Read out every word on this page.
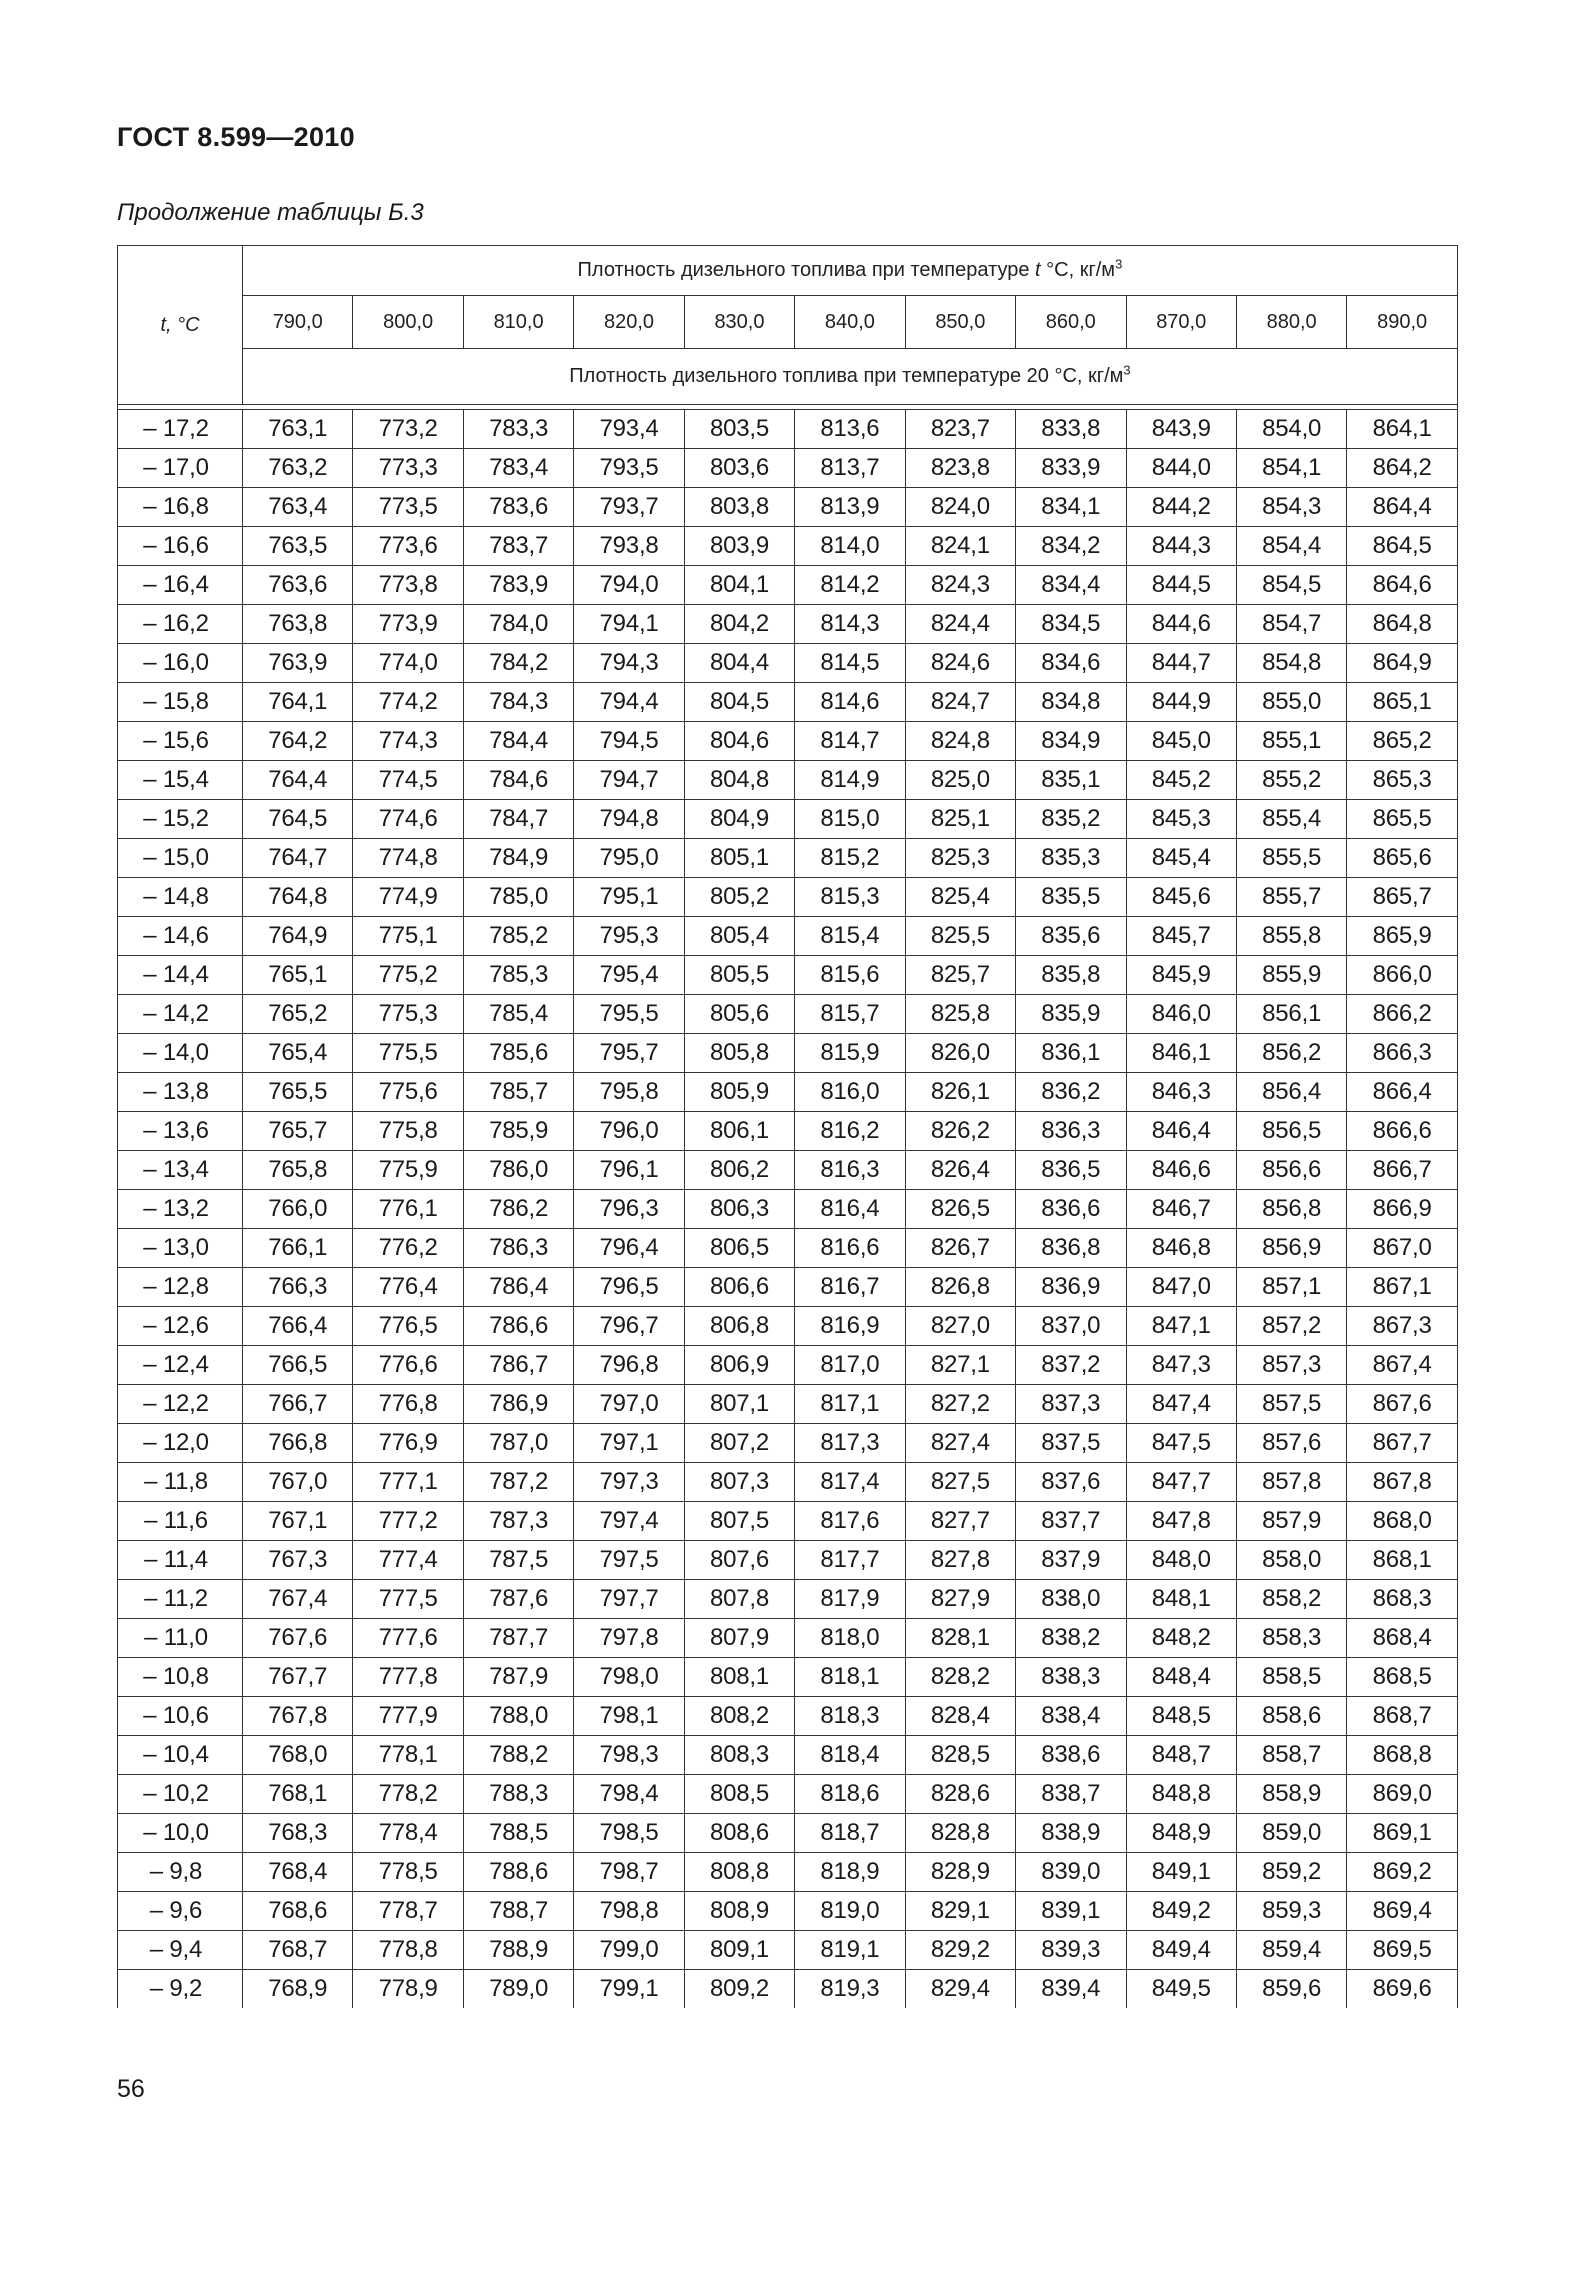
ГОСТ 8.599—2010
Продолжение таблицы Б.3
t, °С	Плотность дизельного топлива при температуре t °С, $кг/м^3$
	790,0	800,0	810,0	820,0	830,0	840,0	850,0	860,0	870,0	880,0	890,0
	Плотность дизельного топлива при температуре 20 °С, $кг/м^3$

– 17,2	763,1	773,2	783,3	793,4	803,5	813,6	823,7	833,8	843,9	854,0	864,1
– 17,0	763,2	773,3	783,4	793,5	803,6	813,7	823,8	833,9	844,0	854,1	864,2
– 16,8	763,4	773,5	783,6	793,7	803,8	813,9	824,0	834,1	844,2	854,3	864,4
– 16,6	763,5	773,6	783,7	793,8	803,9	814,0	824,1	834,2	844,3	854,4	864,5
– 16,4	763,6	773,8	783,9	794,0	804,1	814,2	824,3	834,4	844,5	854,5	864,6
– 16,2	763,8	773,9	784,0	794,1	804,2	814,3	824,4	834,5	844,6	854,7	864,8
– 16,0	763,9	774,0	784,2	794,3	804,4	814,5	824,6	834,6	844,7	854,8	864,9
– 15,8	764,1	774,2	784,3	794,4	804,5	814,6	824,7	834,8	844,9	855,0	865,1
– 15,6	764,2	774,3	784,4	794,5	804,6	814,7	824,8	834,9	845,0	855,1	865,2
– 15,4	764,4	774,5	784,6	794,7	804,8	814,9	825,0	835,1	845,2	855,2	865,3
– 15,2	764,5	774,6	784,7	794,8	804,9	815,0	825,1	835,2	845,3	855,4	865,5
– 15,0	764,7	774,8	784,9	795,0	805,1	815,2	825,3	835,3	845,4	855,5	865,6
– 14,8	764,8	774,9	785,0	795,1	805,2	815,3	825,4	835,5	845,6	855,7	865,7
– 14,6	764,9	775,1	785,2	795,3	805,4	815,4	825,5	835,6	845,7	855,8	865,9
– 14,4	765,1	775,2	785,3	795,4	805,5	815,6	825,7	835,8	845,9	855,9	866,0
– 14,2	765,2	775,3	785,4	795,5	805,6	815,7	825,8	835,9	846,0	856,1	866,2
– 14,0	765,4	775,5	785,6	795,7	805,8	815,9	826,0	836,1	846,1	856,2	866,3
– 13,8	765,5	775,6	785,7	795,8	805,9	816,0	826,1	836,2	846,3	856,4	866,4
– 13,6	765,7	775,8	785,9	796,0	806,1	816,2	826,2	836,3	846,4	856,5	866,6
– 13,4	765,8	775,9	786,0	796,1	806,2	816,3	826,4	836,5	846,6	856,6	866,7
– 13,2	766,0	776,1	786,2	796,3	806,3	816,4	826,5	836,6	846,7	856,8	866,9
– 13,0	766,1	776,2	786,3	796,4	806,5	816,6	826,7	836,8	846,8	856,9	867,0
– 12,8	766,3	776,4	786,4	796,5	806,6	816,7	826,8	836,9	847,0	857,1	867,1
– 12,6	766,4	776,5	786,6	796,7	806,8	816,9	827,0	837,0	847,1	857,2	867,3
– 12,4	766,5	776,6	786,7	796,8	806,9	817,0	827,1	837,2	847,3	857,3	867,4
– 12,2	766,7	776,8	786,9	797,0	807,1	817,1	827,2	837,3	847,4	857,5	867,6
– 12,0	766,8	776,9	787,0	797,1	807,2	817,3	827,4	837,5	847,5	857,6	867,7
– 11,8	767,0	777,1	787,2	797,3	807,3	817,4	827,5	837,6	847,7	857,8	867,8
– 11,6	767,1	777,2	787,3	797,4	807,5	817,6	827,7	837,7	847,8	857,9	868,0
– 11,4	767,3	777,4	787,5	797,5	807,6	817,7	827,8	837,9	848,0	858,0	868,1
– 11,2	767,4	777,5	787,6	797,7	807,8	817,9	827,9	838,0	848,1	858,2	868,3
– 11,0	767,6	777,6	787,7	797,8	807,9	818,0	828,1	838,2	848,2	858,3	868,4
– 10,8	767,7	777,8	787,9	798,0	808,1	818,1	828,2	838,3	848,4	858,5	868,5
– 10,6	767,8	777,9	788,0	798,1	808,2	818,3	828,4	838,4	848,5	858,6	868,7
– 10,4	768,0	778,1	788,2	798,3	808,3	818,4	828,5	838,6	848,7	858,7	868,8
– 10,2	768,1	778,2	788,3	798,4	808,5	818,6	828,6	838,7	848,8	858,9	869,0
– 10,0	768,3	778,4	788,5	798,5	808,6	818,7	828,8	838,9	848,9	859,0	869,1
– 9,8	768,4	778,5	788,6	798,7	808,8	818,9	828,9	839,0	849,1	859,2	869,2
– 9,6	768,6	778,7	788,7	798,8	808,9	819,0	829,1	839,1	849,2	859,3	869,4
– 9,4	768,7	778,8	788,9	799,0	809,1	819,1	829,2	839,3	849,4	859,4	869,5
– 9,2	768,9	778,9	789,0	799,1	809,2	819,3	829,4	839,4	849,5	859,6	869,6
56
